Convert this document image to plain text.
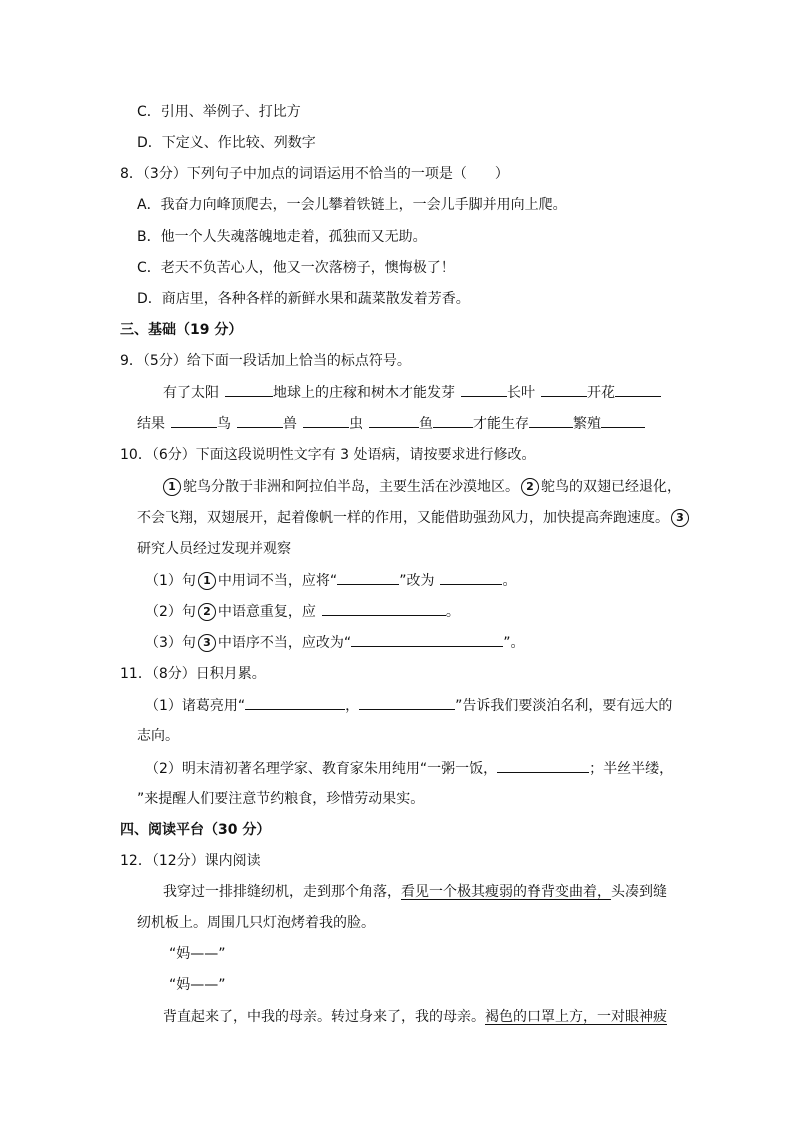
C．引用、举例子、打比方
D．下定义、作比较、列数字
8．（3分）下列句子中加点的词语运用不恰当的一项是（　　）
A．我奋力向峰顶爬去，一会儿攀着铁链上，一会儿手脚并用向上爬。
B．他一个人失魂落魄地走着，孤独而又无助。
C．老天不负苦心人，他又一次落榜子，懊悔极了！
D．商店里，各种各样的新鲜水果和蔬菜散发着芳香。
三、基础（19 分）
9．（5分）给下面一段话加上恰当的标点符号。
有了太阳	地球上的庄稼和树木才能发芽	长叶	开花
结果	鸟	兽	虫	鱼	才能生存	繁殖
10．（6分）下面这段说明性文字有 3 处语病，请按要求进行修改。
1 鸵鸟分散于非洲和阿拉伯半岛，主要生活在沙漠地区。 2 鸵鸟的双翅已经退化，
不会飞翔，双翅展开，起着像帆一样的作用，又能借助强劲风力，加快提高奔跑速度。 3
研究人员经过发现并观察
（1）句 1 中用词不当，应将“	”改为	。
（2）句 2 中语意重复，应	。
（3）句 3 中语序不当，应改为“	”。
11．（8分）日积月累。
（1）诸葛亮用“	，	”告诉我们要淡泊名利，要有远大的
志向。
（2）明末清初著名理学家、教育家朱用纯用“一粥一饭，	；半丝半缕，
”来提醒人们要注意节约粮食，珍惜劳动果实。
四、阅读平台（30 分）
12．（12分）课内阅读
我穿过一排排缝纫机，走到那个角落，看见一个极其瘦弱的脊背变曲着，头凑到缝
纫机板上。周围几只灯泡烤着我的脸。
“妈——”
“妈——”
背直起来了，中我的母亲。转过身来了，我的母亲。褐色的口罩上方，一对眼神疲
